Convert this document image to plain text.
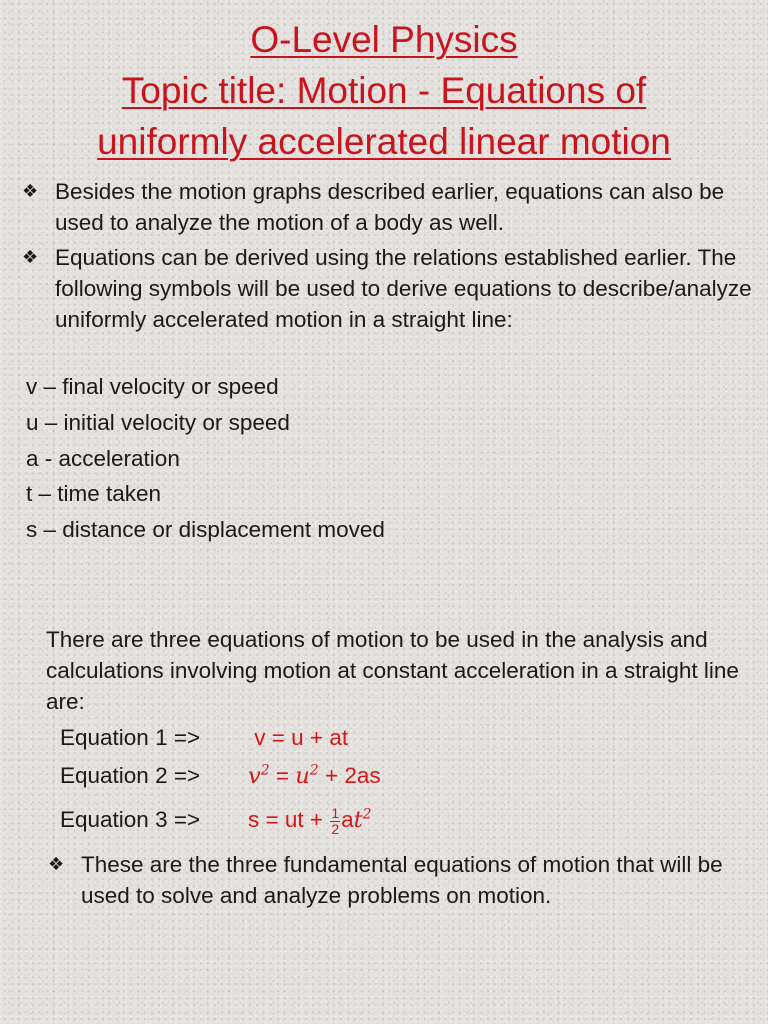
O-Level Physics
Topic title: Motion - Equations of
uniformly accelerated linear motion
❖ Besides the motion graphs described earlier, equations can also be used to analyze the motion of a body as well.
❖ Equations can be derived using the relations established earlier. The following symbols will be used to derive equations to describe/analyze uniformly accelerated motion in a straight line:
v – final velocity or speed
u – initial velocity or speed
a - acceleration
t – time taken
s – distance or displacement moved
There are three equations of motion to be used in the analysis and calculations involving motion at constant acceleration in a straight line are:
Equation 1 => v = u + at
Equation $2 => v^2 = u^2 + 2as$
Equation 3 => s = ut + $\frac{1}{2} at^2$
❖ These are the three fundamental equations of motion that will be used to solve and analyze problems on motion.
